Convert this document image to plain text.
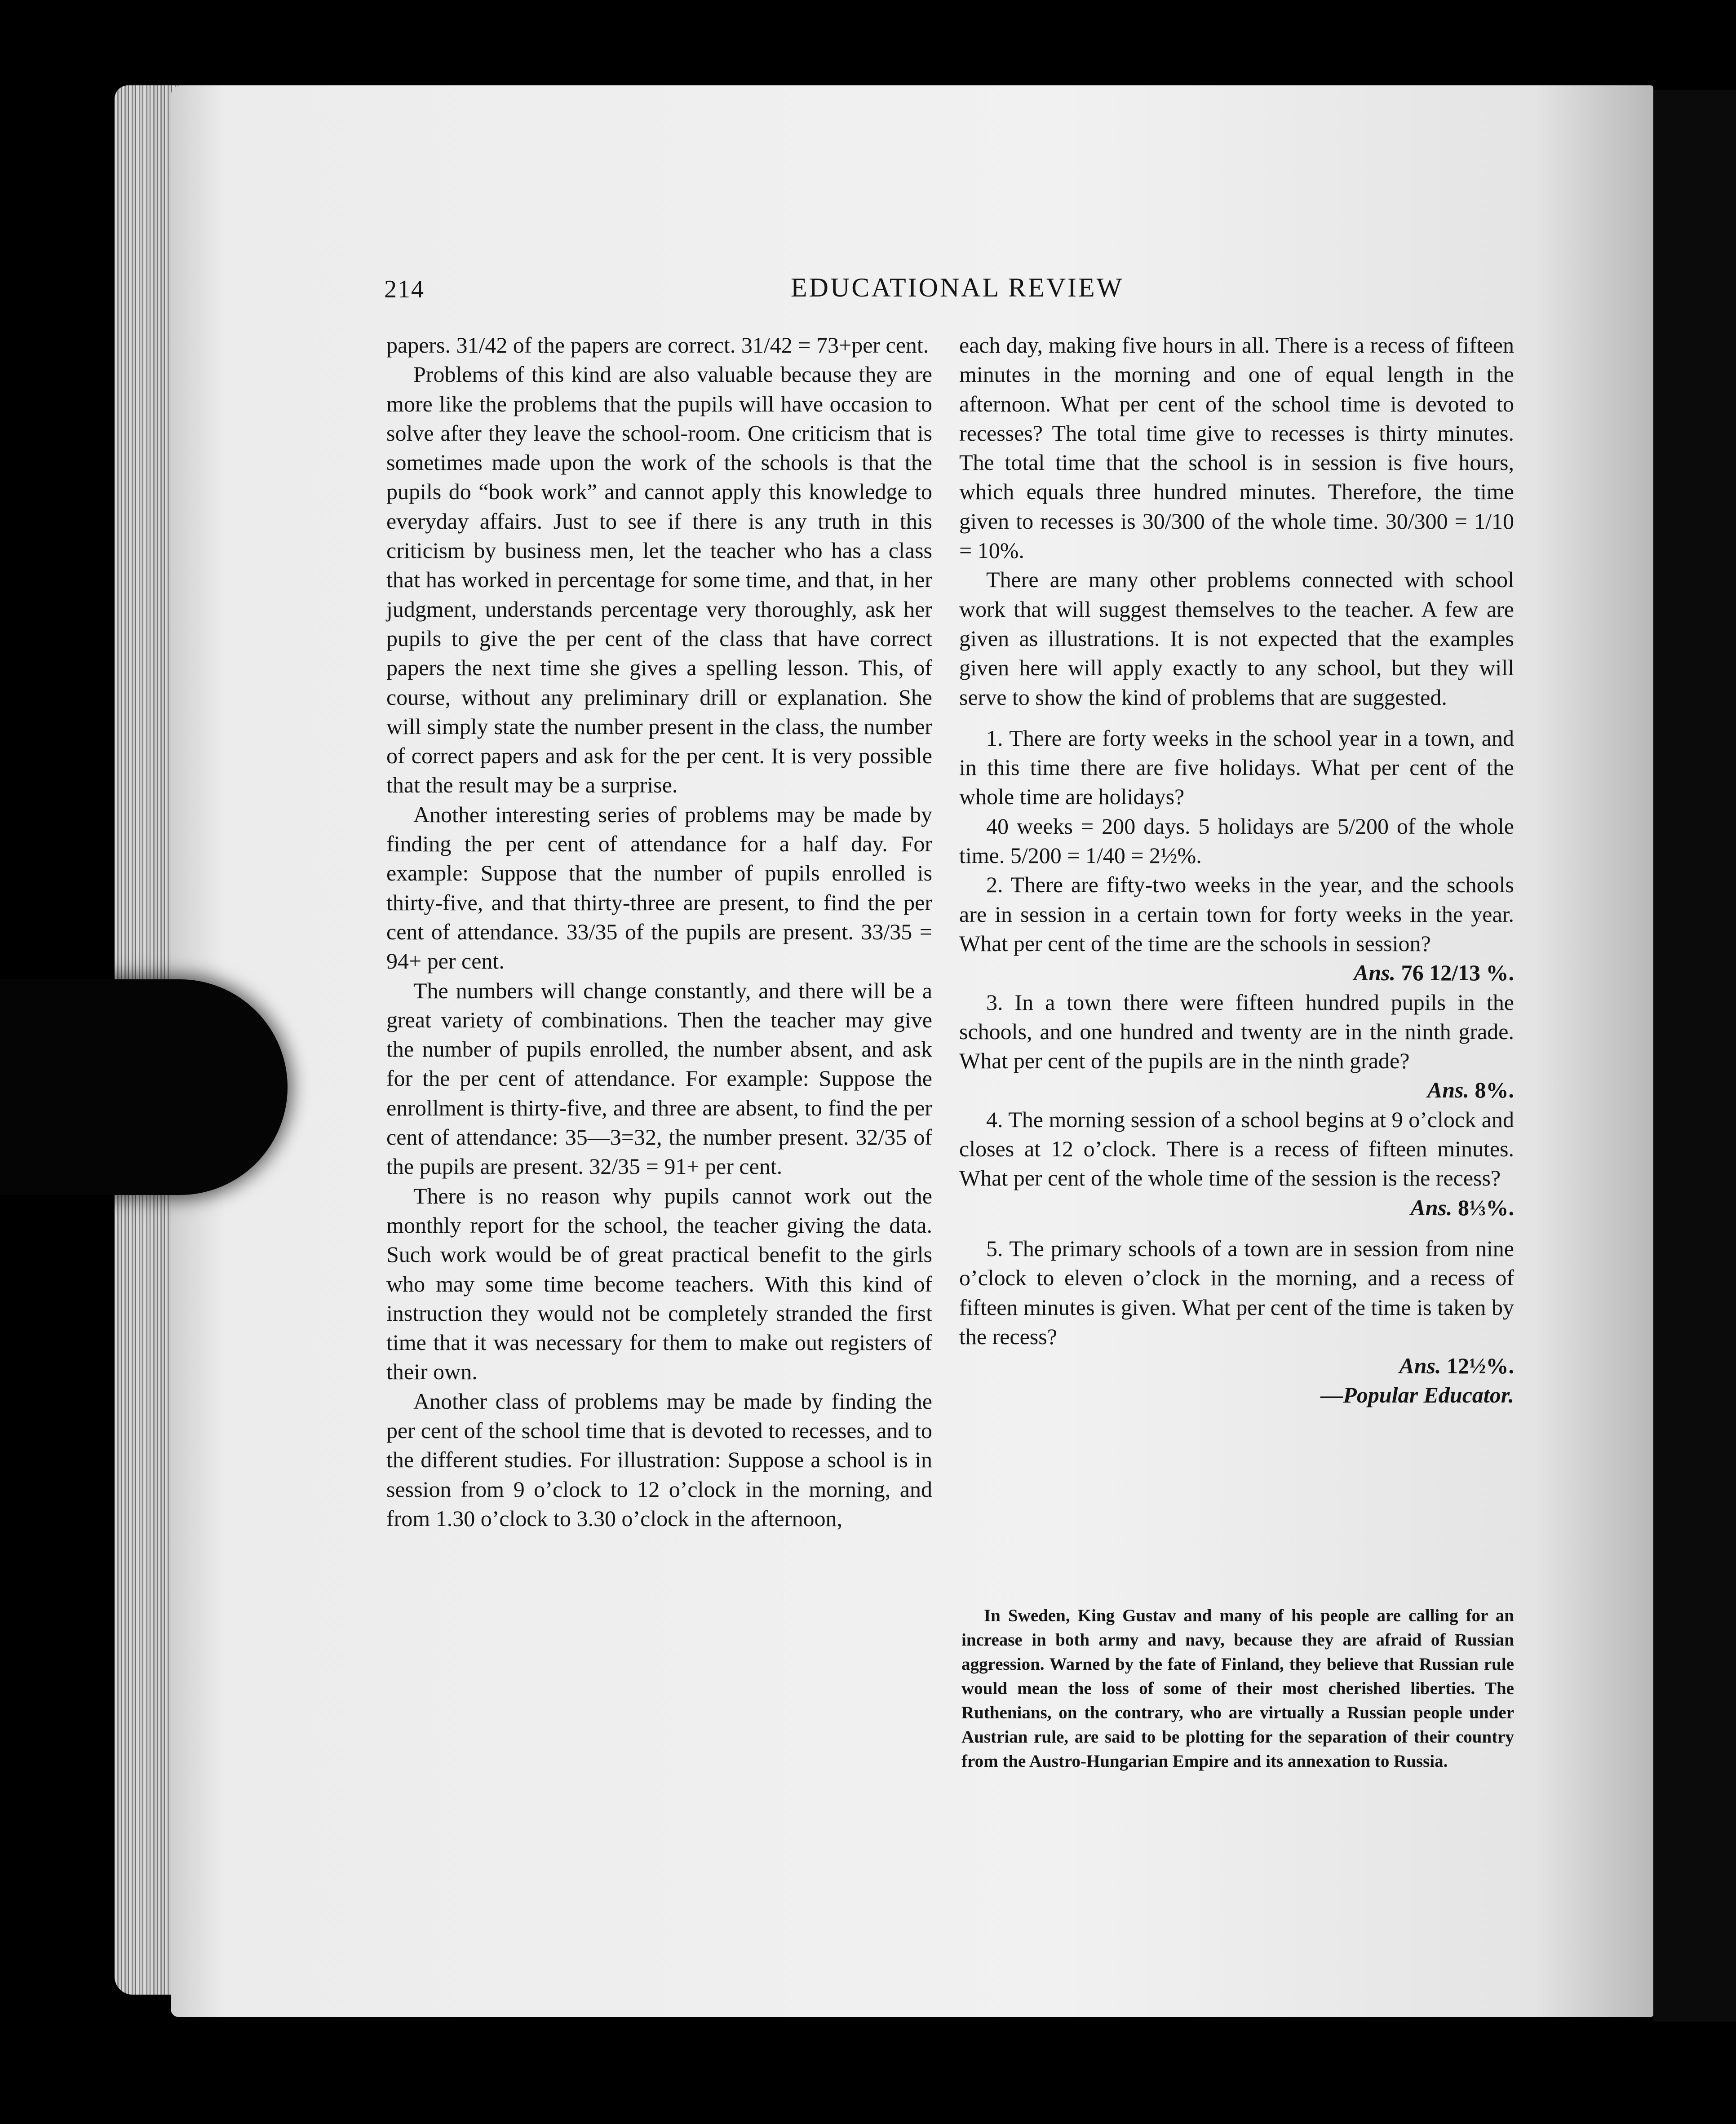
214	EDUCATIONAL REVIEW

papers. 31/42 of the papers are correct. 31/42 = 73+per cent.

Problems of this kind are also valuable because they are more like the problems that the pupils will have occasion to solve after they leave the school-room. One criticism that is sometimes made upon the work of the schools is that the pupils do “book work” and cannot apply this knowledge to everyday affairs. Just to see if there is any truth in this criticism by business men, let the teacher who has a class that has worked in percentage for some time, and that, in her judgment, understands percentage very thoroughly, ask her pupils to give the per cent of the class that have correct papers the next time she gives a spelling lesson. This, of course, without any preliminary drill or explanation. She will simply state the number present in the class, the number of correct papers and ask for the per cent. It is very possible that the result may be a surprise.

Another interesting series of problems may be made by finding the per cent of attendance for a half day. For example: Suppose that the number of pupils enrolled is thirty-five, and that thirty-three are present, to find the per cent of attendance. 33/35 of the pupils are present. 33/35 = 94+ per cent.

The numbers will change constantly, and there will be a great variety of combinations. Then the teacher may give the number of pupils enrolled, the number absent, and ask for the per cent of attendance. For example: Suppose the enrollment is thirty-five, and three are absent, to find the per cent of attendance: 35—3=32, the number present. 32/35 of the pupils are present. 32/35 = 91+ per cent.

There is no reason why pupils cannot work out the monthly report for the school, the teacher giving the data. Such work would be of great practical benefit to the girls who may some time become teachers. With this kind of instruction they would not be completely stranded the first time that it was necessary for them to make out registers of their own.

Another class of problems may be made by finding the per cent of the school time that is devoted to recesses, and to the different studies. For illustration: Suppose a school is in session from 9 o’clock to 12 o’clock in the morning, and from 1.30 o’clock to 3.30 o’clock in the afternoon,

each day, making five hours in all. There is a recess of fifteen minutes in the morning and one of equal length in the afternoon. What per cent of the school time is devoted to recesses? The total time give to recesses is thirty minutes. The total time that the school is in session is five hours, which equals three hundred minutes. Therefore, the time given to recesses is 30/300 of the whole time. 30/300 = 1/10 = 10%.

There are many other problems connected with school work that will suggest themselves to the teacher. A few are given as illustrations. It is not expected that the examples given here will apply exactly to any school, but they will serve to show the kind of problems that are suggested.

1. There are forty weeks in the school year in a town, and in this time there are five holidays. What per cent of the whole time are holidays?

40 weeks = 200 days. 5 holidays are 5/200 of the whole time. 5/200 = 1/40 = 2½%.

2. There are fifty-two weeks in the year, and the schools are in session in a certain town for forty weeks in the year. What per cent of the time are the schools in session?

Ans. 76 12/13 %.

3. In a town there were fifteen hundred pupils in the schools, and one hundred and twenty are in the ninth grade. What per cent of the pupils are in the ninth grade?

Ans. 8%.

4. The morning session of a school begins at 9 o’clock and closes at 12 o’clock. There is a recess of fifteen minutes. What per cent of the whole time of the session is the recess?

Ans. 8⅓%.

5. The primary schools of a town are in session from nine o’clock to eleven o’clock in the morning, and a recess of fifteen minutes is given. What per cent of the time is taken by the recess?

Ans. 12½%.

—Popular Educator.

In Sweden, King Gustav and many of his people are calling for an increase in both army and navy, because they are afraid of Russian aggression. Warned by the fate of Finland, they believe that Russian rule would mean the loss of some of their most cherished liberties. The Ruthenians, on the contrary, who are virtually a Russian people under Austrian rule, are said to be plotting for the separation of their country from the Austro-Hungarian Empire and its annexation to Russia.
